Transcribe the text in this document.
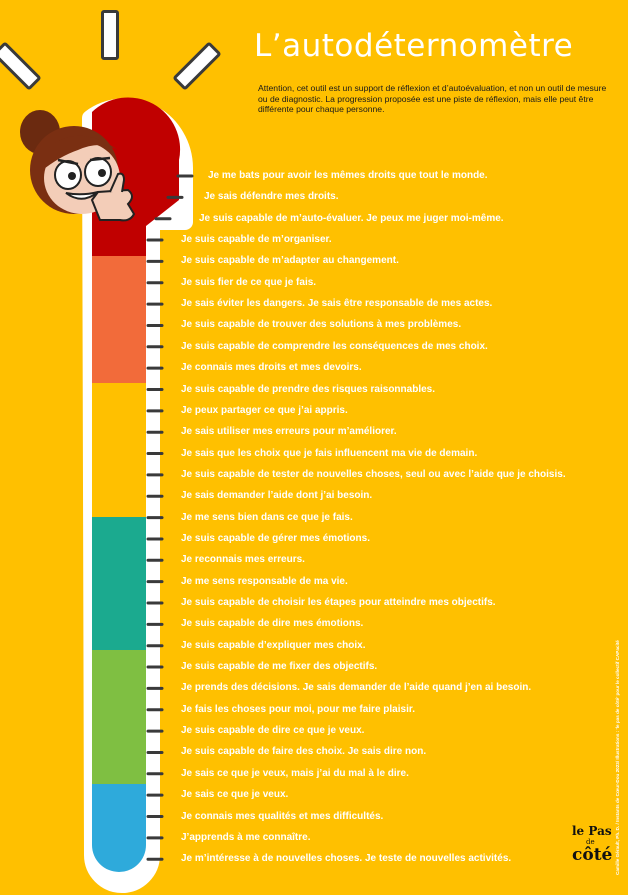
L’autodéternomètre
Attention, cet outil est un support de réflexion et d’autoévaluation, et non un outil de mesure ou de diagnostic. La progression proposée est une piste de réflexion, mais elle peut être différente pour chaque personne.
Je me bats pour avoir les mêmes droits que tout le monde.
Je sais défendre mes droits.
Je suis capable de m’auto-évaluer. Je peux me juger moi-même.
Je suis capable de m’organiser.
Je suis capable de m’adapter au changement.
Je suis fier de ce que je fais.
Je sais éviter les dangers. Je sais être responsable de mes actes.
Je suis capable de trouver des solutions à mes problèmes.
Je suis capable de comprendre les conséquences de mes choix.
Je connais mes droits et mes devoirs.
Je suis capable de prendre des risques raisonnables.
Je peux partager ce que j’ai appris.
Je sais utiliser mes erreurs pour m’améliorer.
Je sais que les choix que je fais influencent ma vie de demain.
Je suis capable de tester de nouvelles choses, seul ou avec l’aide que je choisis.
Je sais demander l’aide dont j’ai besoin.
Je me sens bien dans ce que je fais.
Je suis capable de gérer mes émotions.
Je reconnais mes erreurs.
Je me sens responsable de ma vie.
Je suis capable de choisir les étapes pour atteindre mes objectifs.
Je suis capable de dire mes émotions.
Je suis capable d’expliquer mes choix.
Je suis capable de me fixer des objectifs.
Je prends des décisions. Je sais demander de l’aide quand j’en ai besoin.
Je fais les choses pour moi, pour me faire plaisir.
Je suis capable de dire ce que je veux.
Je suis capable de faire des choix. Je sais dire non.
Je sais ce que je veux, mais j’ai du mal à le dire.
Je sais ce que je veux.
Je connais mes qualités et mes difficultés.
J’apprends à me connaître.
Je m’intéresse à de nouvelles choses. Je teste de nouvelles activités.	Camille Gérault, Ph. D. / Instants de Cœur-Dou 2023/ Illustrations : ‘le pas de côté’ pour le collectif CAPacité
le Pas
de
côté
